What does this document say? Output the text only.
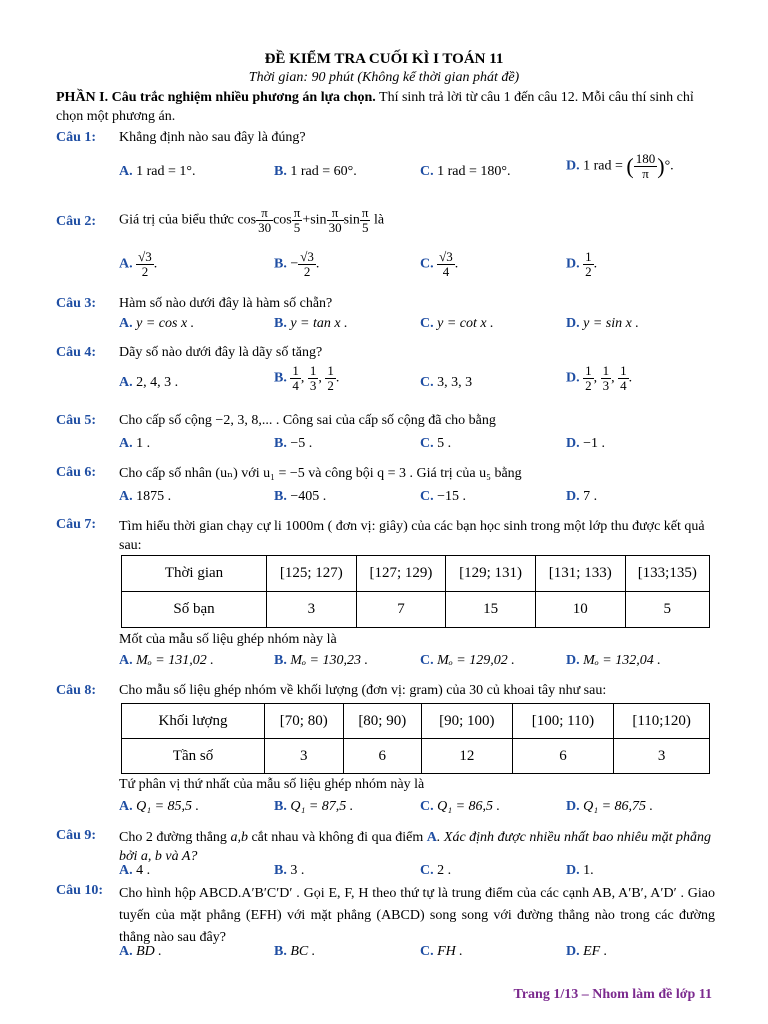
ĐỀ KIỂM TRA CUỐI KÌ I TOÁN 11
Thời gian: 90 phút (Không kể thời gian phát đề)
PHẦN I. Câu trắc nghiệm nhiều phương án lựa chọn. Thí sinh trả lời từ câu 1 đến câu 12. Mỗi câu thí sinh chỉ chọn một phương án.
Câu 1: Khẳng định nào sau đây là đúng?
A. 1 rad = 1°.	B. 1 rad = 60°.	C. 1 rad = 180°.	D. 1 rad = ( $\frac{180}{\pi}$ )°.
Câu 2: Giá trị của biểu thức $\cos \frac{\pi}{30}$ $\cos \frac{\pi}{5} +\sin \frac{\pi}{30}$ $\sin \frac{\pi}{5}$ là
A. $\frac{√3}{2}$ .	B. − $\frac{√3}{2}$ .	C. $\frac{√3}{4}$ .	D. $\frac{1}{2}$ .
Câu 3: Hàm số nào dưới đây là hàm số chẵn?
A. y = cos x .	B. y = tan x .	C. y = cot x .	D. y = sin x .
Câu 4: Dãy số nào dưới đây là dãy số tăng?
A. 2, 4, 3 .	B. $\frac{1}{4}$ , $\frac{1}{3}$ , $\frac{1}{2}$ .	C. 3, 3, 3	D. $\frac{1}{2}$ , $\frac{1}{3}$ , $\frac{1}{4}$ .
Câu 5: Cho cấp số cộng −2, 3, 8,... . Công sai của cấp số cộng đã cho bằng
A. 1 .	B. −5 .	C. 5 .	D. −1 .
Câu 6: Cho cấp số nhân (uₙ) với u₁ = −5 và công bội q = 3 . Giá trị của u₅ bằng
A. 1875 .	B. −405 .	C. −15 .	D. 7 .
Câu 7: Tìm hiểu thời gian chạy cự li 1000m ( đơn vị: giây) của các bạn học sinh trong một lớp thu được kết quả sau:
Thời gian	[125; 127)	[127; 129)	[129; 131)	[131; 133)	[133;135)
Số bạn	3	7	15	10	5
Mốt của mẫu số liệu ghép nhóm này là
A. Mₒ = 131,02 .	B. Mₒ = 130,23 .	C. Mₒ = 129,02 .	D. Mₒ = 132,04 .
Câu 8: Cho mẫu số liệu ghép nhóm về khối lượng (đơn vị: gram) của 30 củ khoai tây như sau:
Khối lượng	[70; 80)	[80; 90)	[90; 100)	[100; 110)	[110;120)
Tần số	3	6	12	6	3
Tứ phân vị thứ nhất của mẫu số liệu ghép nhóm này là
A. Q₁ = 85,5 .	B. Q₁ = 87,5 .	C. Q₁ = 86,5 .	D. Q₁ = 86,75 .
Câu 9: Cho 2 đường thẳng a,b cắt nhau và không đi qua điểm A. Xác định được nhiều nhất bao nhiêu mặt phẳng bởi a, b và A?
A. 4 .	B. 3 .	C. 2 .	D. 1.
Câu 10: Cho hình hộp ABCD.A′B′C′D′ . Gọi E, F, H theo thứ tự là trung điểm của các cạnh AB, A′B′, A′D′ . Giao tuyến của mặt phẳng (EFH) với mặt phẳng (ABCD) song song với đường thẳng nào trong các đường thẳng nào sau đây?
A. BD .	B. BC .	C. FH .	D. EF .
Trang 1/13 – Nhom làm đề lớp 11
